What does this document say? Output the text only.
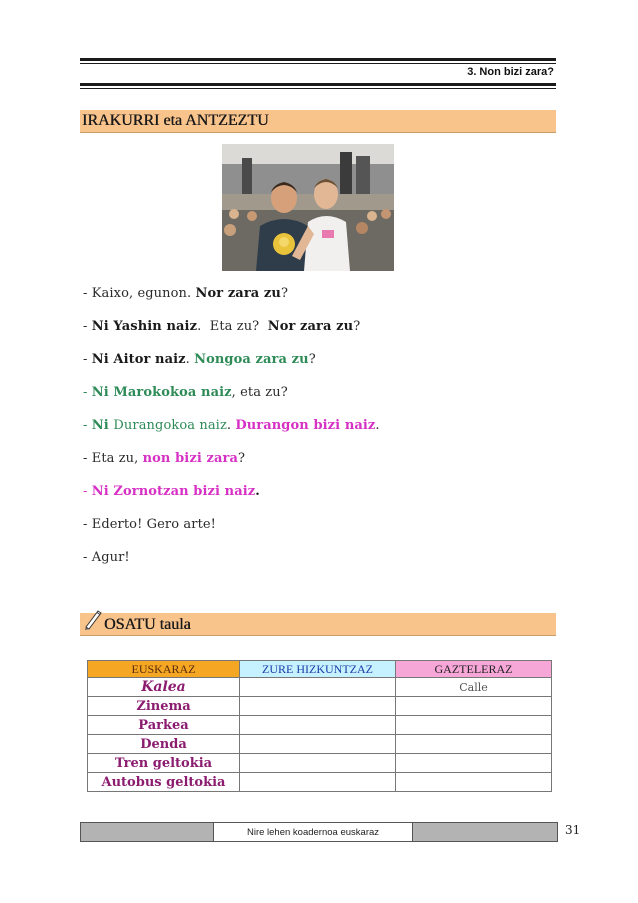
3. Non bizi zara?
IRAKURRI eta ANTZEZTU
- Kaixo, egunon. Nor zara zu?
- Ni Yashin naiz.  Eta zu?  Nor zara zu?
- Ni Aitor naiz. Nongoa zara zu?
- Ni Marokokoa naiz, eta zu?
- Ni Durangokoa naiz. Durangon bizi naiz.
- Eta zu, non bizi zara?
- Ni Zornotzan bizi naiz.
- Ederto! Gero arte!
- Agur!
OSATU taula
EUSKARAZ	ZURE HIZKUNTZAZ	GAZTELERAZ
Kalea		Calle
Zinema		
Parkea		
Denda		
Tren geltokia		
Autobus geltokia		
Nire lehen koadernoa euskaraz	31
